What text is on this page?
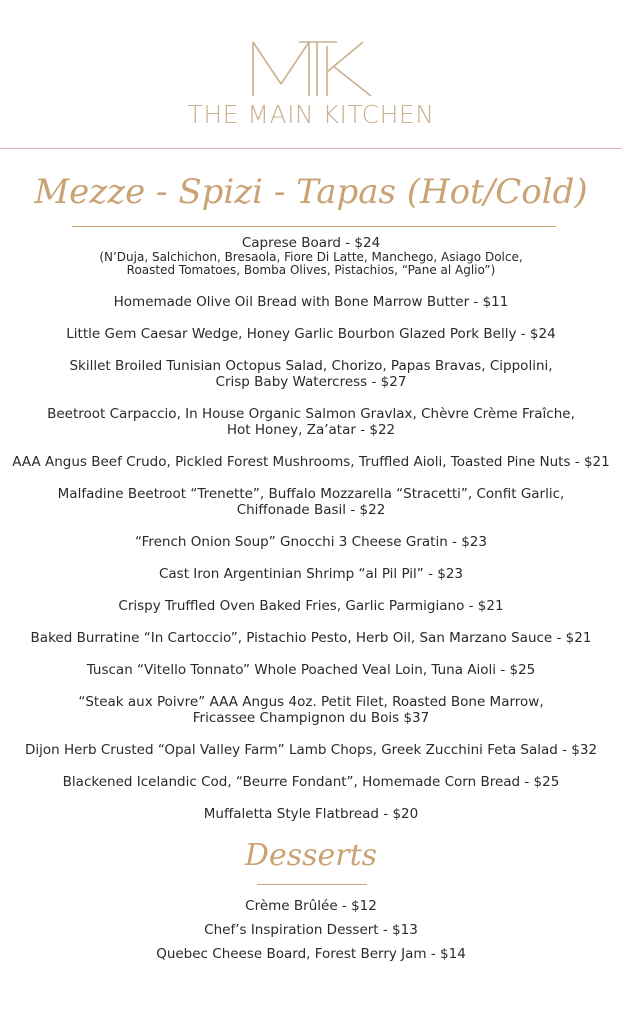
THE MAIN KITCHEN
Mezze - Spizi - Tapas (Hot/Cold)
Caprese Board - $24
(N’Duja, Salchichon, Bresaola, Fiore Di Latte, Manchego, Asiago Dolce,
Roasted Tomatoes, Bomba Olives, Pistachios, “Pane al Aglio”)
Homemade Olive Oil Bread with Bone Marrow Butter - $11
Little Gem Caesar Wedge, Honey Garlic Bourbon Glazed Pork Belly - $24
Skillet Broiled Tunisian Octopus Salad, Chorizo, Papas Bravas, Cippolini,
Crisp Baby Watercress - $27
Beetroot Carpaccio, In House Organic Salmon Gravlax, Chèvre Crème Fraîche,
Hot Honey, Za’atar - $22
AAA Angus Beef Crudo, Pickled Forest Mushrooms, Truffled Aioli, Toasted Pine Nuts - $21
Malfadine Beetroot “Trenette”, Buffalo Mozzarella “Stracetti”, Confit Garlic,
Chiffonade Basil - $22
“French Onion Soup” Gnocchi 3 Cheese Gratin - $23
Cast Iron Argentinian Shrimp “al Pil Pil” - $23
Crispy Truffled Oven Baked Fries, Garlic Parmigiano - $21
Baked Burratine “In Cartoccio”, Pistachio Pesto, Herb Oil, San Marzano Sauce - $21
Tuscan “Vitello Tonnato” Whole Poached Veal Loin, Tuna Aioli - $25
“Steak aux Poivre” AAA Angus 4oz. Petit Filet, Roasted Bone Marrow,
Fricassee Champignon du Bois $37
Dijon Herb Crusted “Opal Valley Farm” Lamb Chops, Greek Zucchini Feta Salad - $32
Blackened Icelandic Cod, “Beurre Fondant”, Homemade Corn Bread - $25
Muffaletta Style Flatbread - $20
Desserts
Crème Brûlée - $12
Chef’s Inspiration Dessert - $13
Quebec Cheese Board, Forest Berry Jam - $14
